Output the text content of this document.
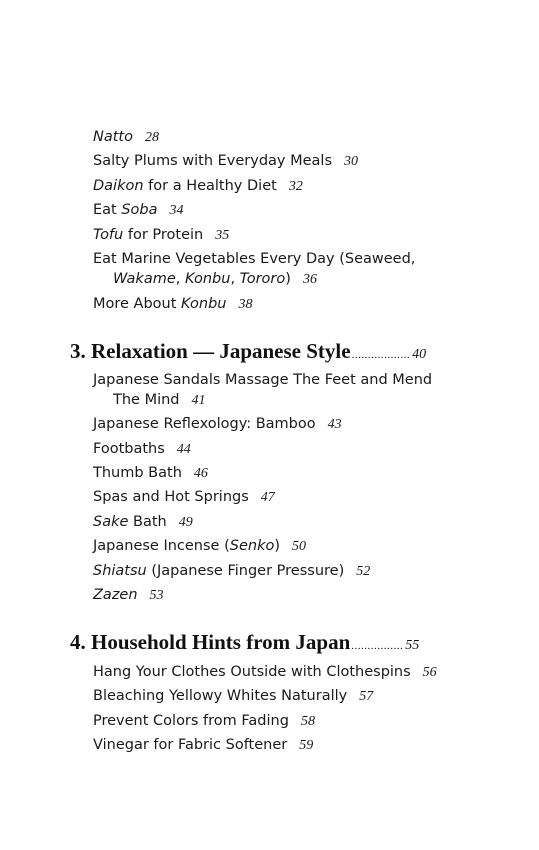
Natto 28
Salty Plums with Everyday Meals 30
Daikon for a Healthy Diet 32
Eat Soba 34
Tofu for Protein 35
Eat Marine Vegetables Every Day (Seaweed,
Wakame, Konbu, Tororo) 36
More About Konbu 38
3. Relaxation — Japanese Style.................. 40
Japanese Sandals Massage The Feet and Mend
The Mind 41
Japanese Reflexology: Bamboo 43
Footbaths 44
Thumb Bath 46
Spas and Hot Springs 47
Sake Bath 49
Japanese Incense (Senko) 50
Shiatsu (Japanese Finger Pressure) 52
Zazen 53
4. Household Hints from Japan................ 55
Hang Your Clothes Outside with Clothespins 56
Bleaching Yellowy Whites Naturally 57
Prevent Colors from Fading 58
Vinegar for Fabric Softener 59
